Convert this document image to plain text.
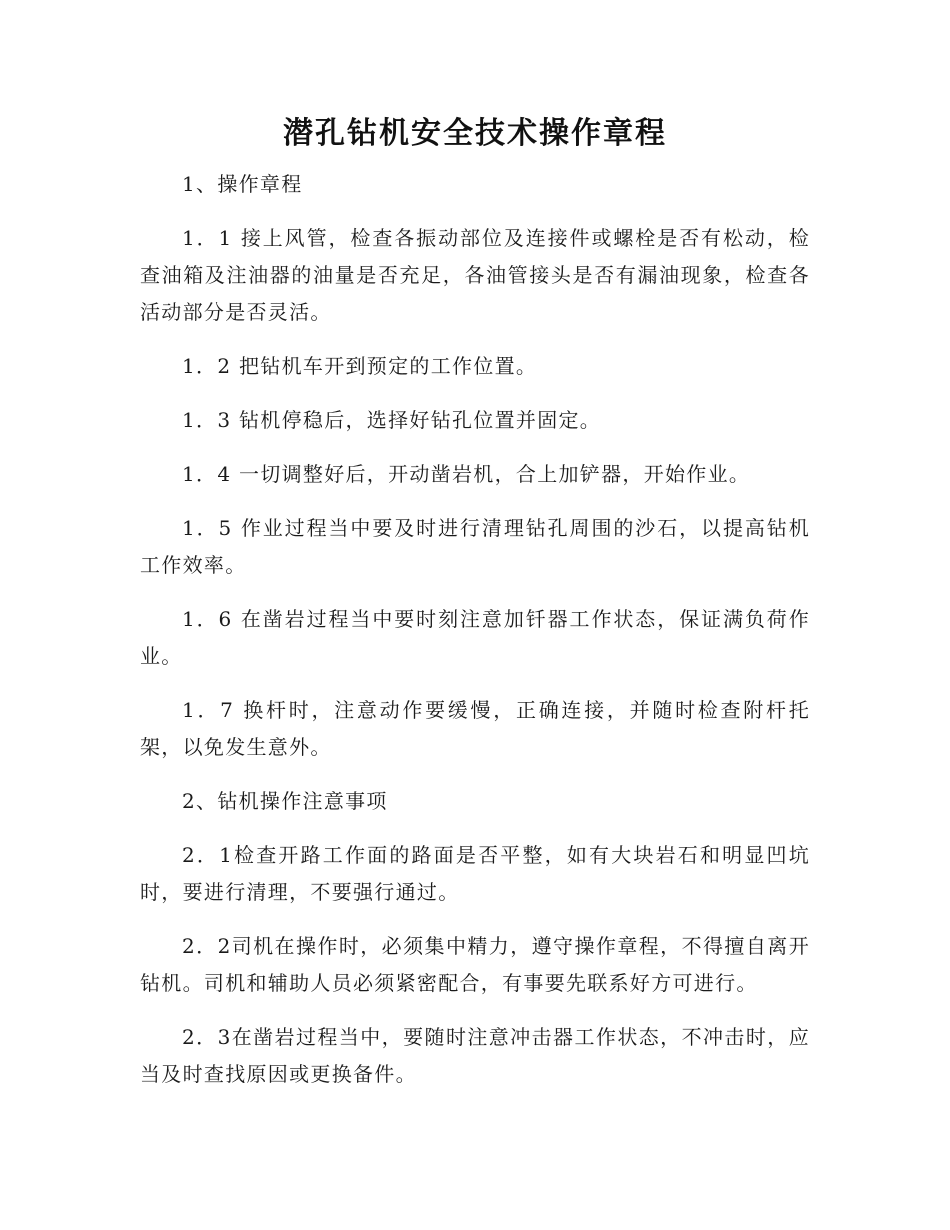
潜孔钻机安全技术操作章程

1、操作章程

1．1 接上风管，检查各振动部位及连接件或螺栓是否有松动，检查油箱及注油器的油量是否充足，各油管接头是否有漏油现象，检查各活动部分是否灵活。

1．2 把钻机车开到预定的工作位置。

1．3 钻机停稳后，选择好钻孔位置并固定。

1．4 一切调整好后，开动凿岩机，合上加铲器，开始作业。

1．5 作业过程当中要及时进行清理钻孔周围的沙石，以提高钻机工作效率。

1．6 在凿岩过程当中要时刻注意加钎器工作状态，保证满负荷作业。

1．7 换杆时，注意动作要缓慢，正确连接，并随时检查附杆托架，以免发生意外。

2、钻机操作注意事项

2．1检查开路工作面的路面是否平整，如有大块岩石和明显凹坑时，要进行清理，不要强行通过。

2．2司机在操作时，必须集中精力，遵守操作章程，不得擅自离开钻机。司机和辅助人员必须紧密配合，有事要先联系好方可进行。

2．3在凿岩过程当中，要随时注意冲击器工作状态，不冲击时，应当及时查找原因或更换备件。
